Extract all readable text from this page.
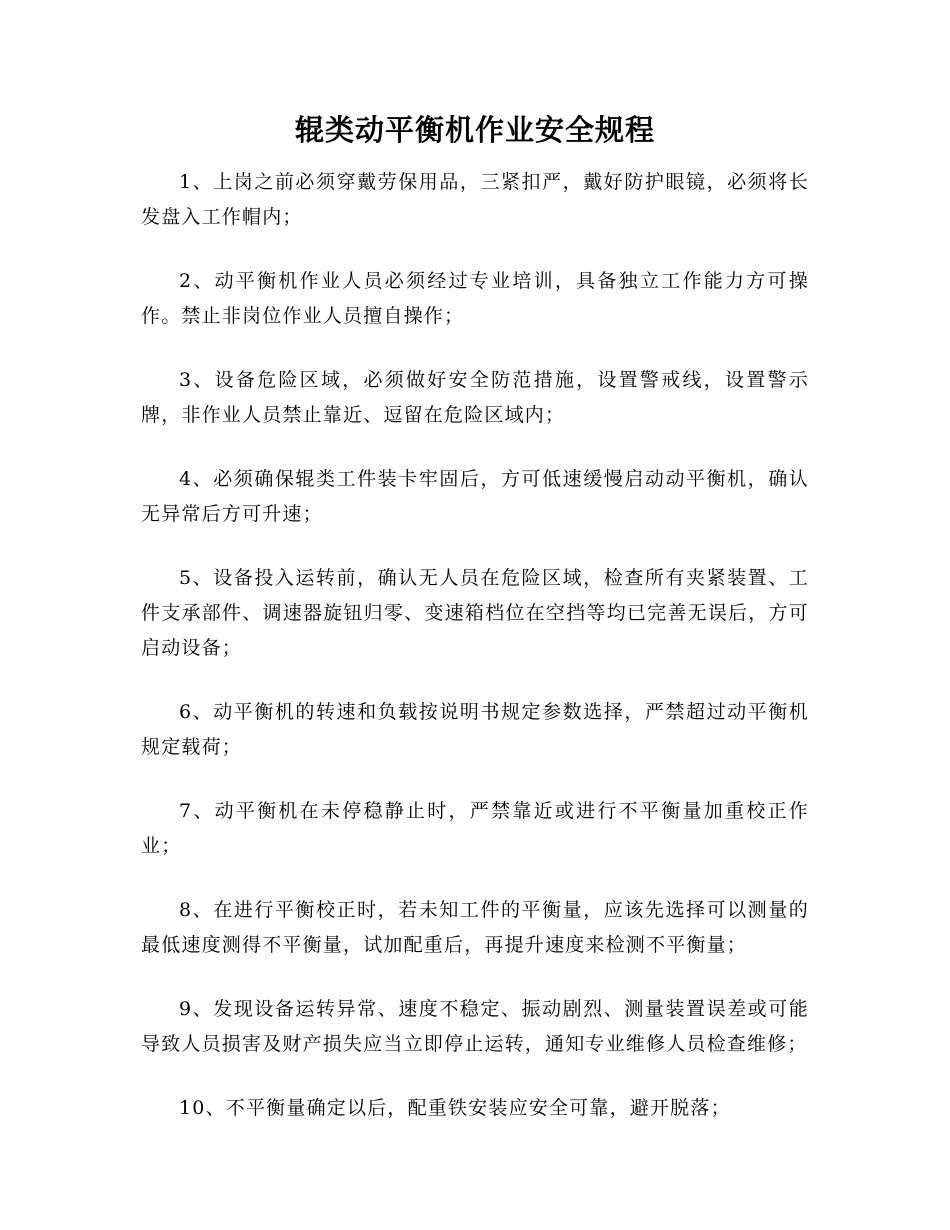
辊类动平衡机作业安全规程

1、上岗之前必须穿戴劳保用品，三紧扣严，戴好防护眼镜，必须将长发盘入工作帽内；

2、动平衡机作业人员必须经过专业培训，具备独立工作能力方可操作。禁止非岗位作业人员擅自操作；

3、设备危险区域，必须做好安全防范措施，设置警戒线，设置警示牌，非作业人员禁止靠近、逗留在危险区域内；

4、必须确保辊类工件装卡牢固后，方可低速缓慢启动动平衡机，确认无异常后方可升速；

5、设备投入运转前，确认无人员在危险区域，检查所有夹紧装置、工件支承部件、调速器旋钮归零、变速箱档位在空挡等均已完善无误后，方可启动设备；

6、动平衡机的转速和负载按说明书规定参数选择，严禁超过动平衡机规定载荷；

7、动平衡机在未停稳静止时，严禁靠近或进行不平衡量加重校正作业；

8、在进行平衡校正时，若未知工件的平衡量，应该先选择可以测量的最低速度测得不平衡量，试加配重后，再提升速度来检测不平衡量；

9、发现设备运转异常、速度不稳定、振动剧烈、测量装置误差或可能导致人员损害及财产损失应当立即停止运转，通知专业维修人员检查维修；

10、不平衡量确定以后，配重铁安装应安全可靠，避开脱落；
